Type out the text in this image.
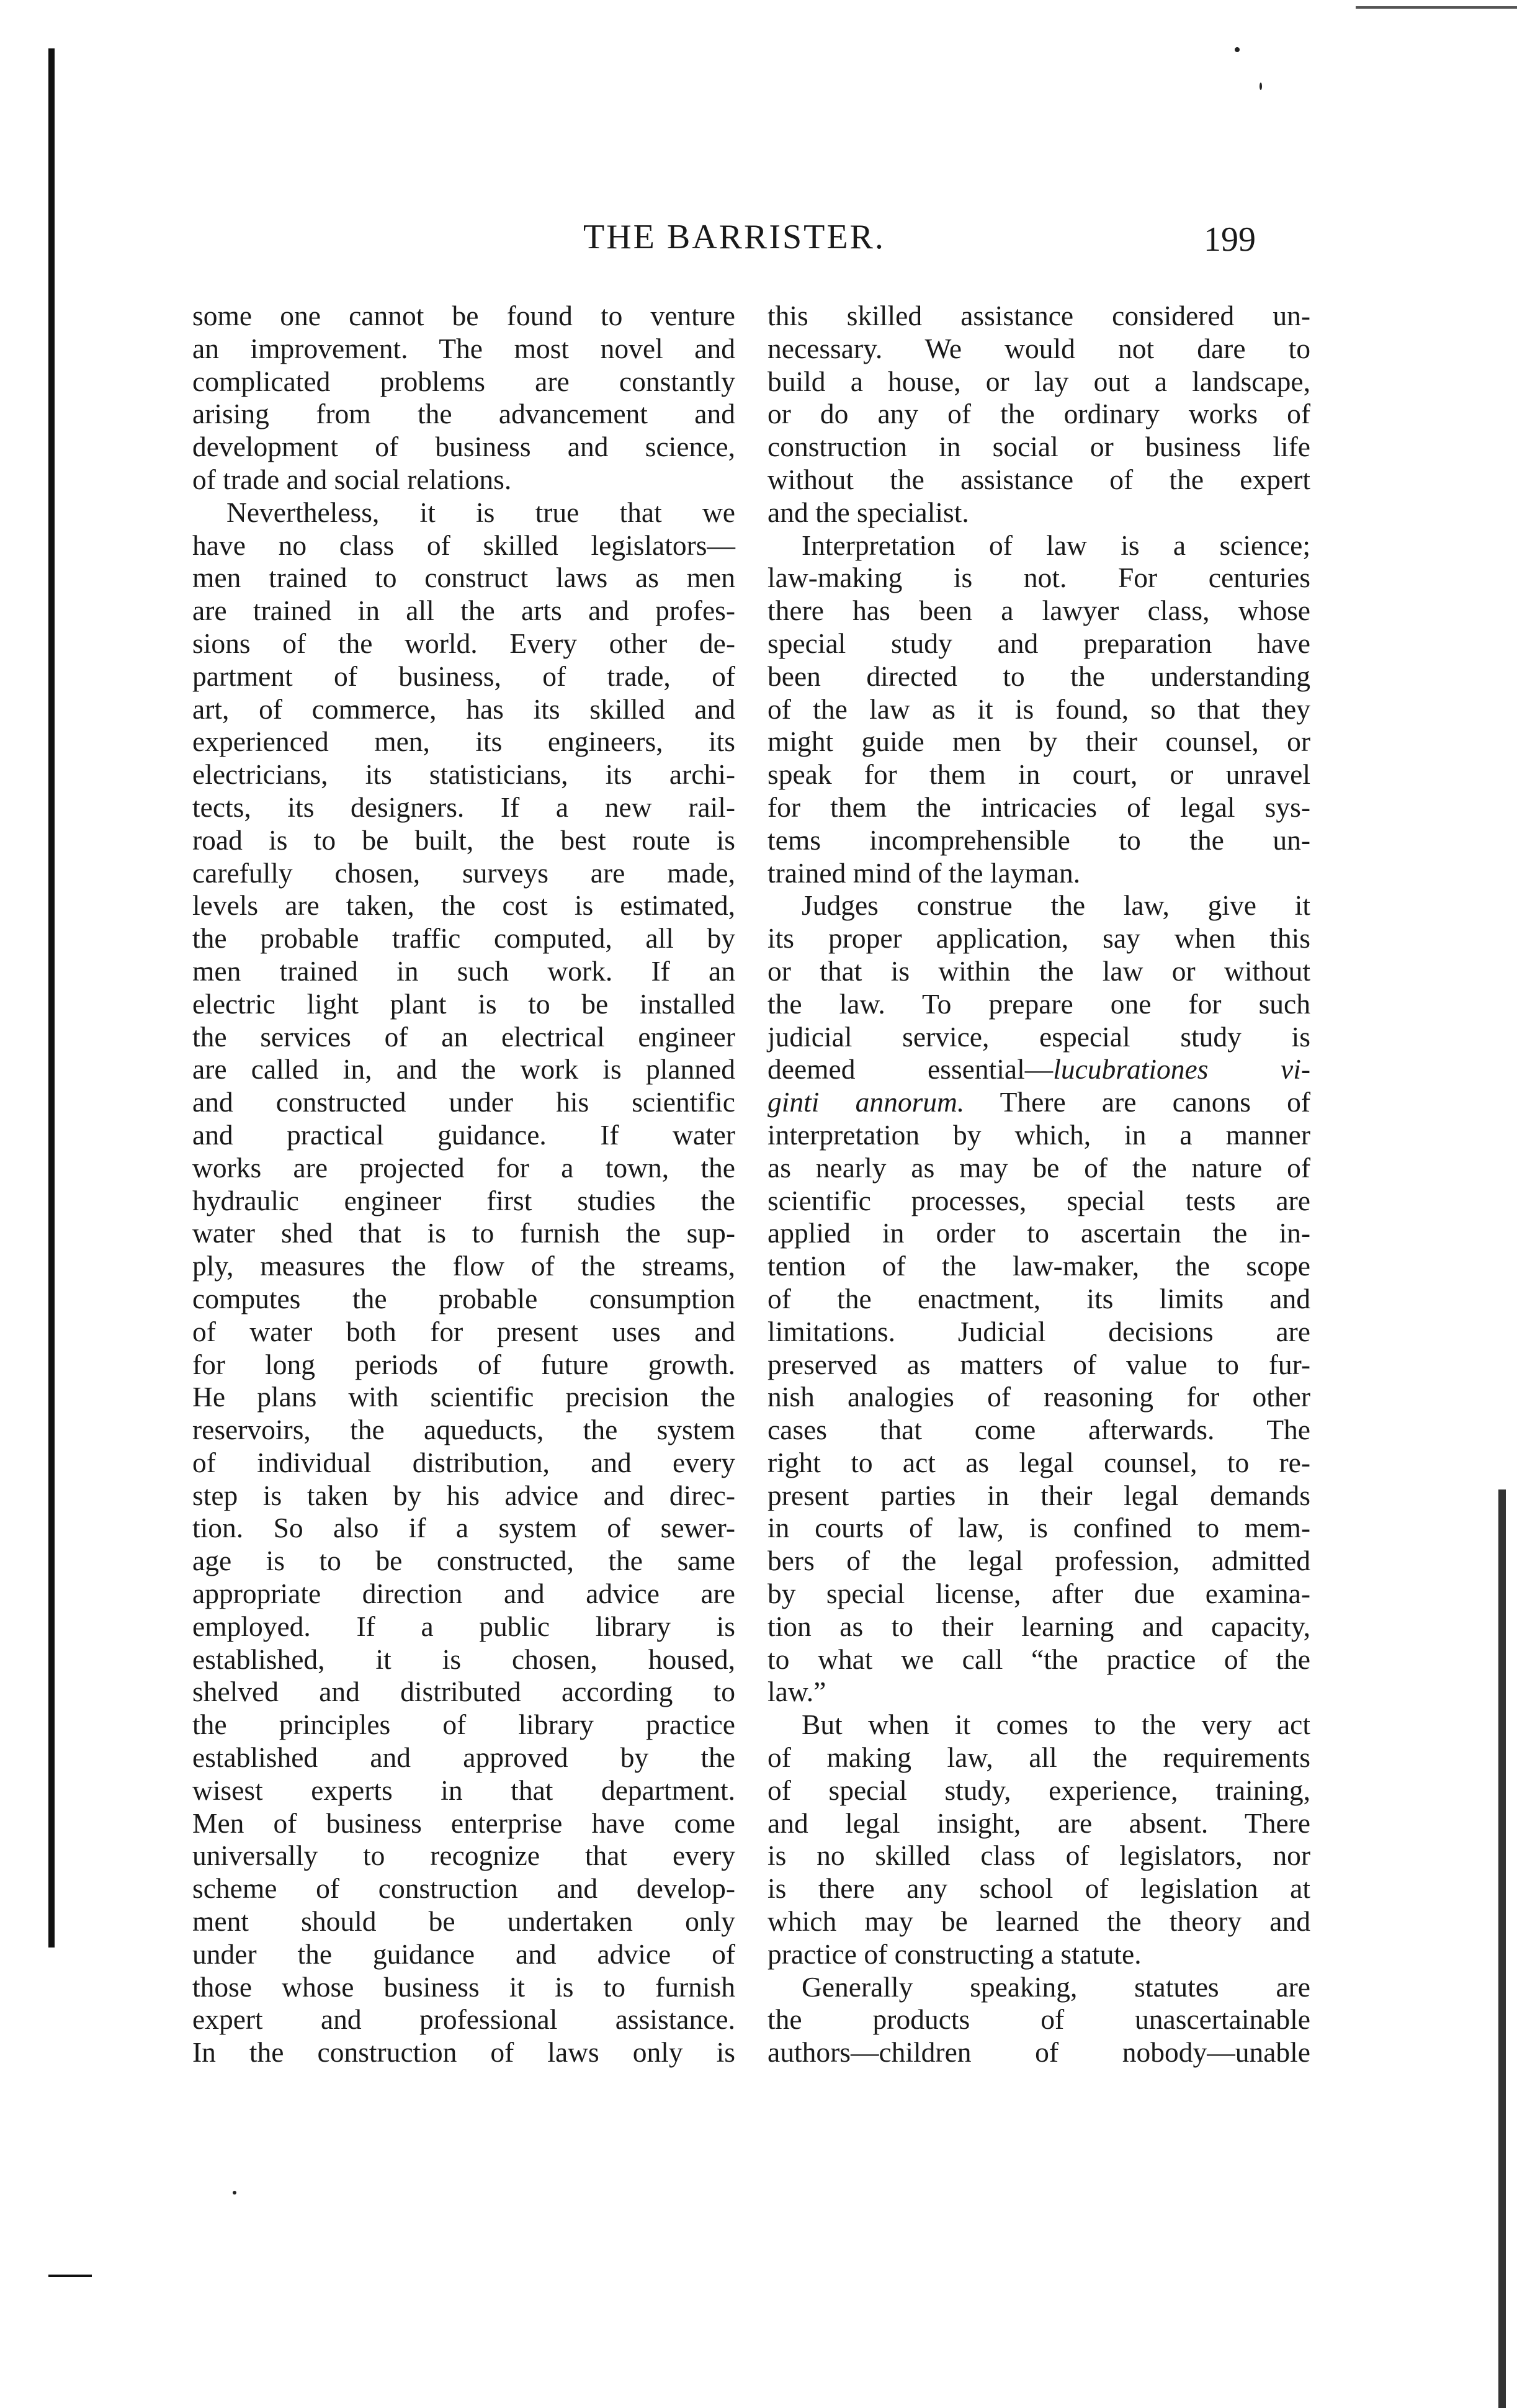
THE BARRISTER.	199
some one cannot be found to venture
an improvement. The most novel and
complicated problems are constantly
arising from the advancement and
development of business and science,
of trade and social relations.
Nevertheless, it is true that we
have no class of skilled legislators—
men trained to construct laws as men
are trained in all the arts and profes-
sions of the world. Every other de-
partment of business, of trade, of
art, of commerce, has its skilled and
experienced men, its engineers, its
electricians, its statisticians, its archi-
tects, its designers. If a new rail-
road is to be built, the best route is
carefully chosen, surveys are made,
levels are taken, the cost is estimated,
the probable traffic computed, all by
men trained in such work. If an
electric light plant is to be installed
the services of an electrical engineer
are called in, and the work is planned
and constructed under his scientific
and practical guidance. If water
works are projected for a town, the
hydraulic engineer first studies the
water shed that is to furnish the sup-
ply, measures the flow of the streams,
computes the probable consumption
of water both for present uses and
for long periods of future growth.
He plans with scientific precision the
reservoirs, the aqueducts, the system
of individual distribution, and every
step is taken by his advice and direc-
tion. So also if a system of sewer-
age is to be constructed, the same
appropriate direction and advice are
employed. If a public library is
established, it is chosen, housed,
shelved and distributed according to
the principles of library practice
established and approved by the
wisest experts in that department.
Men of business enterprise have come
universally to recognize that every
scheme of construction and develop-
ment should be undertaken only
under the guidance and advice of
those whose business it is to furnish
expert and professional assistance.
In the construction of laws only is
this skilled assistance considered un-
necessary. We would not dare to
build a house, or lay out a landscape,
or do any of the ordinary works of
construction in social or business life
without the assistance of the expert
and the specialist.
Interpretation of law is a science;
law-making is not. For centuries
there has been a lawyer class, whose
special study and preparation have
been directed to the understanding
of the law as it is found, so that they
might guide men by their counsel, or
speak for them in court, or unravel
for them the intricacies of legal sys-
tems incomprehensible to the un-
trained mind of the layman.
Judges construe the law, give it
its proper application, say when this
or that is within the law or without
the law. To prepare one for such
judicial service, especial study is
deemed essential—lucubrationes vi-
ginti annorum. There are canons of
interpretation by which, in a manner
as nearly as may be of the nature of
scientific processes, special tests are
applied in order to ascertain the in-
tention of the law-maker, the scope
of the enactment, its limits and
limitations. Judicial decisions are
preserved as matters of value to fur-
nish analogies of reasoning for other
cases that come afterwards. The
right to act as legal counsel, to re-
present parties in their legal demands
in courts of law, is confined to mem-
bers of the legal profession, admitted
by special license, after due examina-
tion as to their learning and capacity,
to what we call “the practice of the
law.”
But when it comes to the very act
of making law, all the requirements
of special study, experience, training,
and legal insight, are absent. There
is no skilled class of legislators, nor
is there any school of legislation at
which may be learned the theory and
practice of constructing a statute.
Generally speaking, statutes are
the products of unascertainable
authors—children of nobody—unable
